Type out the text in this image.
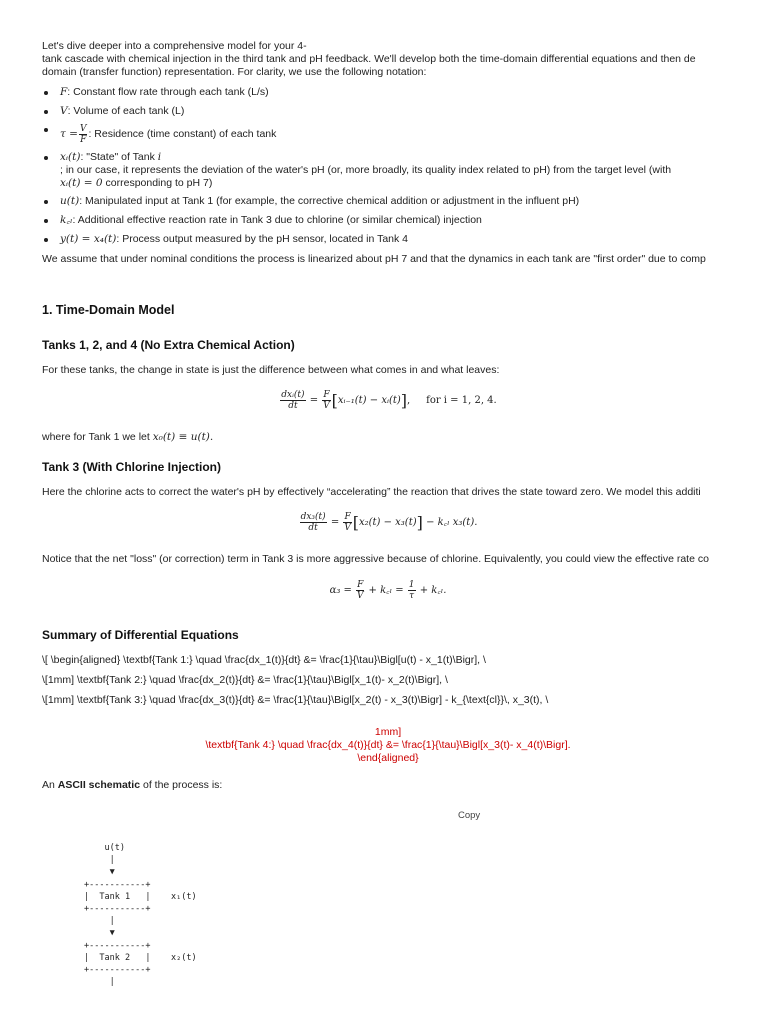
Let's dive deeper into a comprehensive model for your 4-
tank cascade with chemical injection in the third tank and pH feedback. We'll develop both the time-domain differential equations and then de
domain (transfer function) representation. For clarity, we use the following notation:
F: Constant flow rate through each tank (L/s)
V: Volume of each tank (L)
$\tau = \frac{V}{F}$ : Residence (time constant) of each tank
xᵢ(t): "State" of Tank i
; in our case, it represents the deviation of the water's pH (or, more broadly, its quality index related to pH) from the target level (with
xᵢ(t) = 0 corresponding to pH 7)
u(t): Manipulated input at Tank 1 (for example, the corrective chemical addition or adjustment in the influent pH)
k꜀ₗ: Additional effective reaction rate in Tank 3 due to chlorine (or similar chemical) injection
y(t) = x₄(t): Process output measured by the pH sensor, located in Tank 4
We assume that under nominal conditions the process is linearized about pH 7 and that the dynamics in each tank are "first order" due to comp
1. Time-Domain Model
Tanks 1, 2, and 4 (No Extra Chemical Action)
For these tanks, the change in state is just the difference between what comes in and what leaves:
$\frac{\text{dxᵢ(t)}}{dt} = \frac{F}{V}$ [xᵢ₋₁(t) − xᵢ(t)],     for i = 1, 2, 4.
where for Tank 1 we let x₀(t) ≡ u(t).
Tank 3 (With Chlorine Injection)
Here the chlorine acts to correct the water's pH by effectively “accelerating” the reaction that drives the state toward zero. We model this additi
$\frac{\text{dx₃(t)}}{dt} = \frac{F}{V} [x_2(t) - x_3(t)]$ − k꜀ₗ x₃(t).
Notice that the net "loss" (or correction) term in Tank 3 is more aggressive because of chlorine. Equivalently, you could view the effective rate co
$\alpha_3 = \frac{F}{V}$ + k꜀ₗ = $\frac{1}{\tau}$ + k꜀ₗ.
Summary of Differential Equations
\[ \begin{aligned} \textbf{Tank 1:} \quad \frac{dx_1(t)}{dt} &= \frac{1}{\tau}\Bigl[u(t) - x_1(t)\Bigr], \
\[1mm] \textbf{Tank 2:} \quad \frac{dx_2(t)}{dt} &= \frac{1}{\tau}\Bigl[x_1(t)- x_2(t)\Bigr], \
\[1mm] \textbf{Tank 3:} \quad \frac{dx_3(t)}{dt} &= \frac{1}{\tau}\Bigl[x_2(t) - x_3(t)\Bigr] - k_{\text{cl}}\, x_3(t), \
1mm]
\textbf{Tank 4:} \quad \frac{dx_4(t)}{dt} &= \frac{1}{\tau}\Bigl[x_3(t)- x_4(t)\Bigr].
\end{aligned}
An ASCII schematic of the process is:
Copy
u(t)
|
▼
+-----------+
|  Tank 1   |    x₁(t)
+-----------+
|
▼
+-----------+
|  Tank 2   |    x₂(t)
+-----------+
|
